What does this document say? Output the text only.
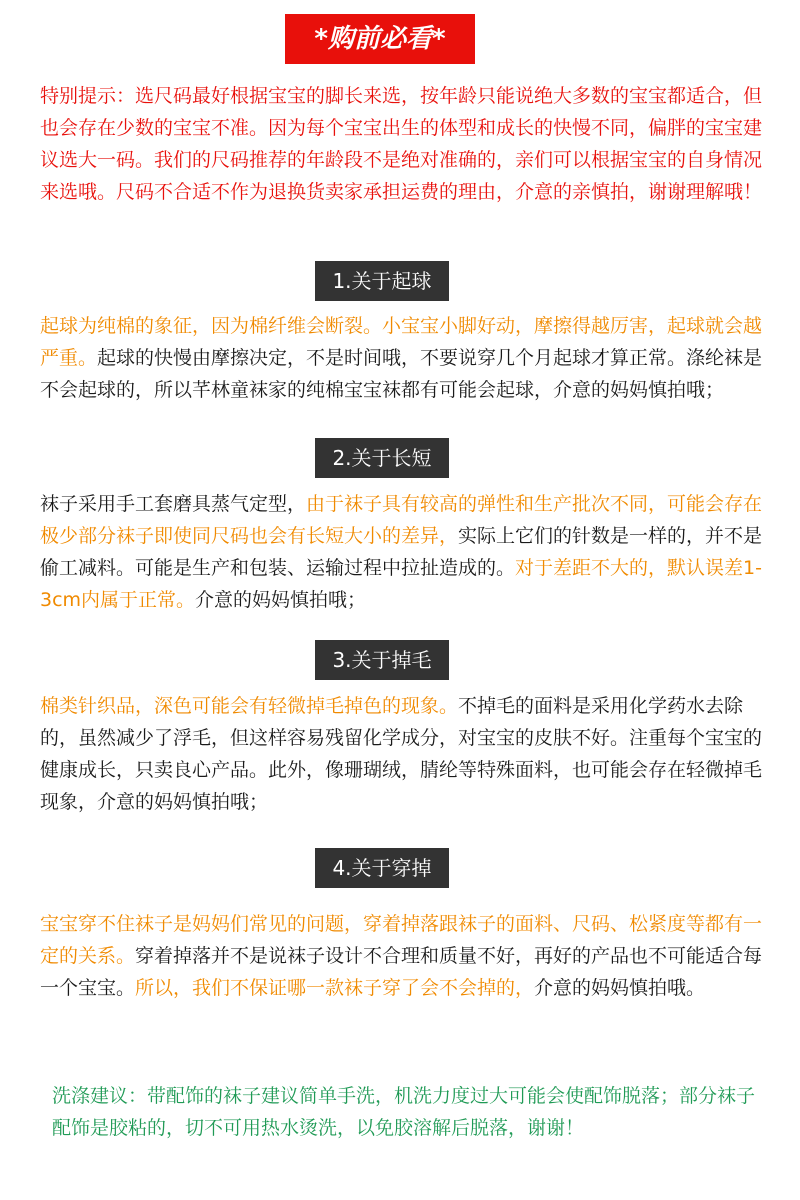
*购前必看*

特别提示：选尺码最好根据宝宝的脚长来选，按年龄只能说绝大多数的宝宝都适合，但也会存在少数的宝宝不准。因为每个宝宝出生的体型和成长的快慢不同，偏胖的宝宝建议选大一码。我们的尺码推荐的年龄段不是绝对准确的，亲们可以根据宝宝的自身情况来选哦。尺码不合适不作为退换货卖家承担运费的理由，介意的亲慎拍，谢谢理解哦！

1.关于起球

起球为纯棉的象征，因为棉纤维会断裂。小宝宝小脚好动，摩擦得越厉害，起球就会越严重。起球的快慢由摩擦决定，不是时间哦，不要说穿几个月起球才算正常。涤纶袜是不会起球的，所以芊林童袜家的纯棉宝宝袜都有可能会起球，介意的妈妈慎拍哦；

2.关于长短

袜子采用手工套磨具蒸气定型，由于袜子具有较高的弹性和生产批次不同，可能会存在极少部分袜子即使同尺码也会有长短大小的差异，实际上它们的针数是一样的，并不是偷工减料。可能是生产和包装、运输过程中拉扯造成的。对于差距不大的，默认误差1-3cm内属于正常。介意的妈妈慎拍哦；

3.关于掉毛

棉类针织品，深色可能会有轻微掉毛掉色的现象。不掉毛的面料是采用化学药水去除的，虽然减少了浮毛，但这样容易残留化学成分，对宝宝的皮肤不好。注重每个宝宝的健康成长，只卖良心产品。此外，像珊瑚绒，腈纶等特殊面料，也可能会存在轻微掉毛现象，介意的妈妈慎拍哦；

4.关于穿掉

宝宝穿不住袜子是妈妈们常见的问题，穿着掉落跟袜子的面料、尺码、松紧度等都有一定的关系。穿着掉落并不是说袜子设计不合理和质量不好，再好的产品也不可能适合每一个宝宝。所以，我们不保证哪一款袜子穿了会不会掉的，介意的妈妈慎拍哦。

洗涤建议：带配饰的袜子建议简单手洗，机洗力度过大可能会使配饰脱落；部分袜子配饰是胶粘的，切不可用热水烫洗，以免胶溶解后脱落，谢谢！
